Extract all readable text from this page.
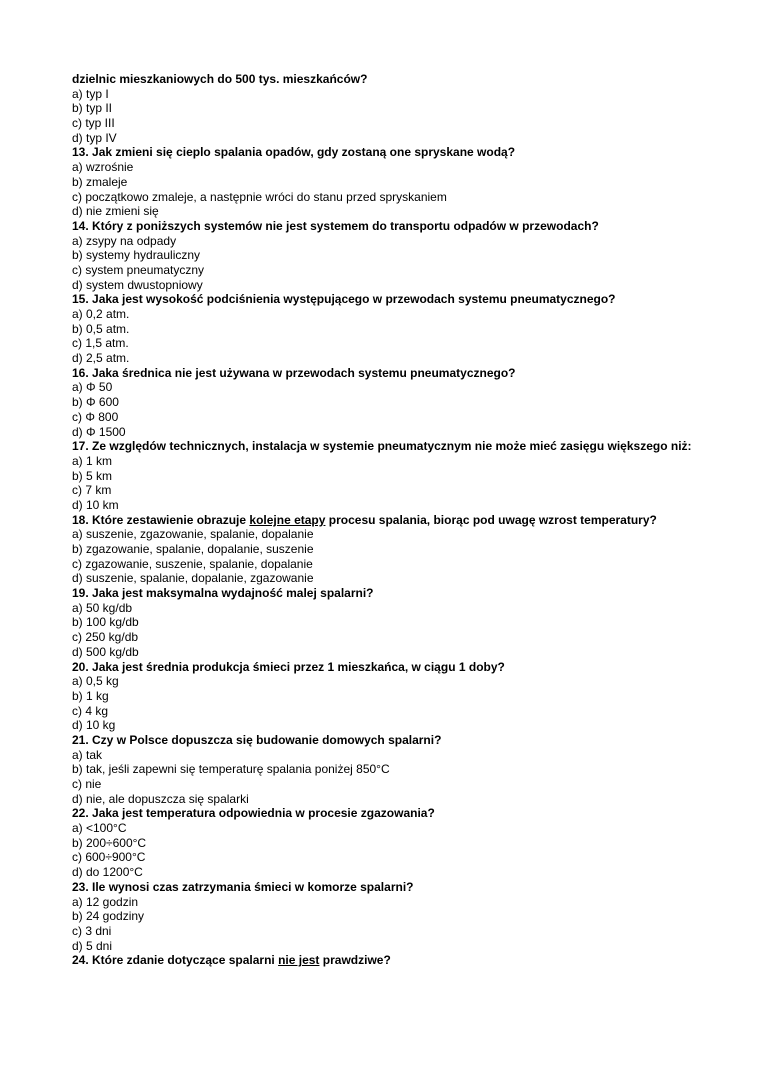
dzielnic mieszkaniowych do 500 tys. mieszkańców?
a) typ I
b) typ II
c) typ III
d) typ IV
13. Jak zmieni się cieplo spalania opadów, gdy zostaną one spryskane wodą?
a) wzrośnie
b) zmaleje
c) początkowo zmaleje, a następnie wróci do stanu przed spryskaniem
d) nie zmieni się
14. Który z poniższych systemów nie jest systemem do transportu odpadów w przewodach?
a) zsypy na odpady
b) systemy hydrauliczny
c) system pneumatyczny
d) system dwustopniowy
15. Jaka jest wysokość podciśnienia występującego w przewodach systemu pneumatycznego?
a) 0,2 atm.
b) 0,5 atm.
c) 1,5 atm.
d) 2,5 atm.
16. Jaka średnica nie jest używana w przewodach systemu pneumatycznego?
a) Φ 50
b) Φ 600
c) Φ 800
d) Φ 1500
17. Ze względów technicznych, instalacja w systemie pneumatycznym nie może mieć zasięgu większego niż:
a) 1 km
b) 5 km
c) 7 km
d) 10 km
18. Które zestawienie obrazuje kolejne etapy procesu spalania, biorąc pod uwagę wzrost temperatury?
a) suszenie, zgazowanie, spalanie, dopalanie
b) zgazowanie, spalanie, dopalanie, suszenie
c) zgazowanie, suszenie, spalanie, dopalanie
d) suszenie, spalanie, dopalanie, zgazowanie
19. Jaka jest maksymalna wydajność malej spalarni?
a) 50 kg/db
b) 100 kg/db
c) 250 kg/db
d) 500 kg/db
20. Jaka jest średnia produkcja śmieci przez 1 mieszkańca, w ciągu 1 doby?
a) 0,5 kg
b) 1 kg
c) 4 kg
d) 10 kg
21. Czy w Polsce dopuszcza się budowanie domowych spalarni?
a) tak
b) tak, jeśli zapewni się temperaturę spalania poniżej 850°C
c) nie
d) nie, ale dopuszcza się spalarki
22. Jaka jest temperatura odpowiednia w procesie zgazowania?
a) <100°C
b) 200÷600°C
c) 600÷900°C
d) do 1200°C
23. Ile wynosi czas zatrzymania śmieci w komorze spalarni?
a) 12 godzin
b) 24 godziny
c) 3 dni
d) 5 dni
24. Które zdanie dotyczące spalarni nie jest prawdziwe?
